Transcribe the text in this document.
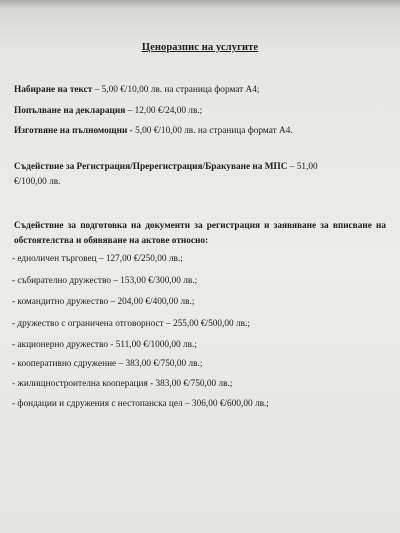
Ценоразпис на услугите
Набиране на текст – 5,00 €/10,00 лв. на страница формат А4;
Попълване на декларация – 12,00 €/24,00 лв.;
Изготвяне на пълномощни - 5,00 €/10,00 лв. на страница формат А4.
Съдействие за Регистрация/Пререгистрация/Бракуване на МПС – 51,00
€/100,00 лв.
Съдействие за подготовка на документи за регистрация и заявяване за вписване на обстоятелства и обявяване на актове относно:
- едноличен търговец – 127,00 €/250,00 лв.;
- събирателно дружество – 153,00 €/300,00 лв.;
- командитно дружество – 204,00 €/400,00 лв.;
- дружество с ограничена отговорност – 255,00 €/500,00 лв.;
- акционерно дружество - 511,00 €/1000,00 лв.;
- кооперативно сдружение – 383,00 €/750,00 лв.;
- жилищностроителна кооперация - 383,00 €/750,00 лв.;
- фондации и сдружения с нестопанска цел – 306,00 €/600,00 лв.;
